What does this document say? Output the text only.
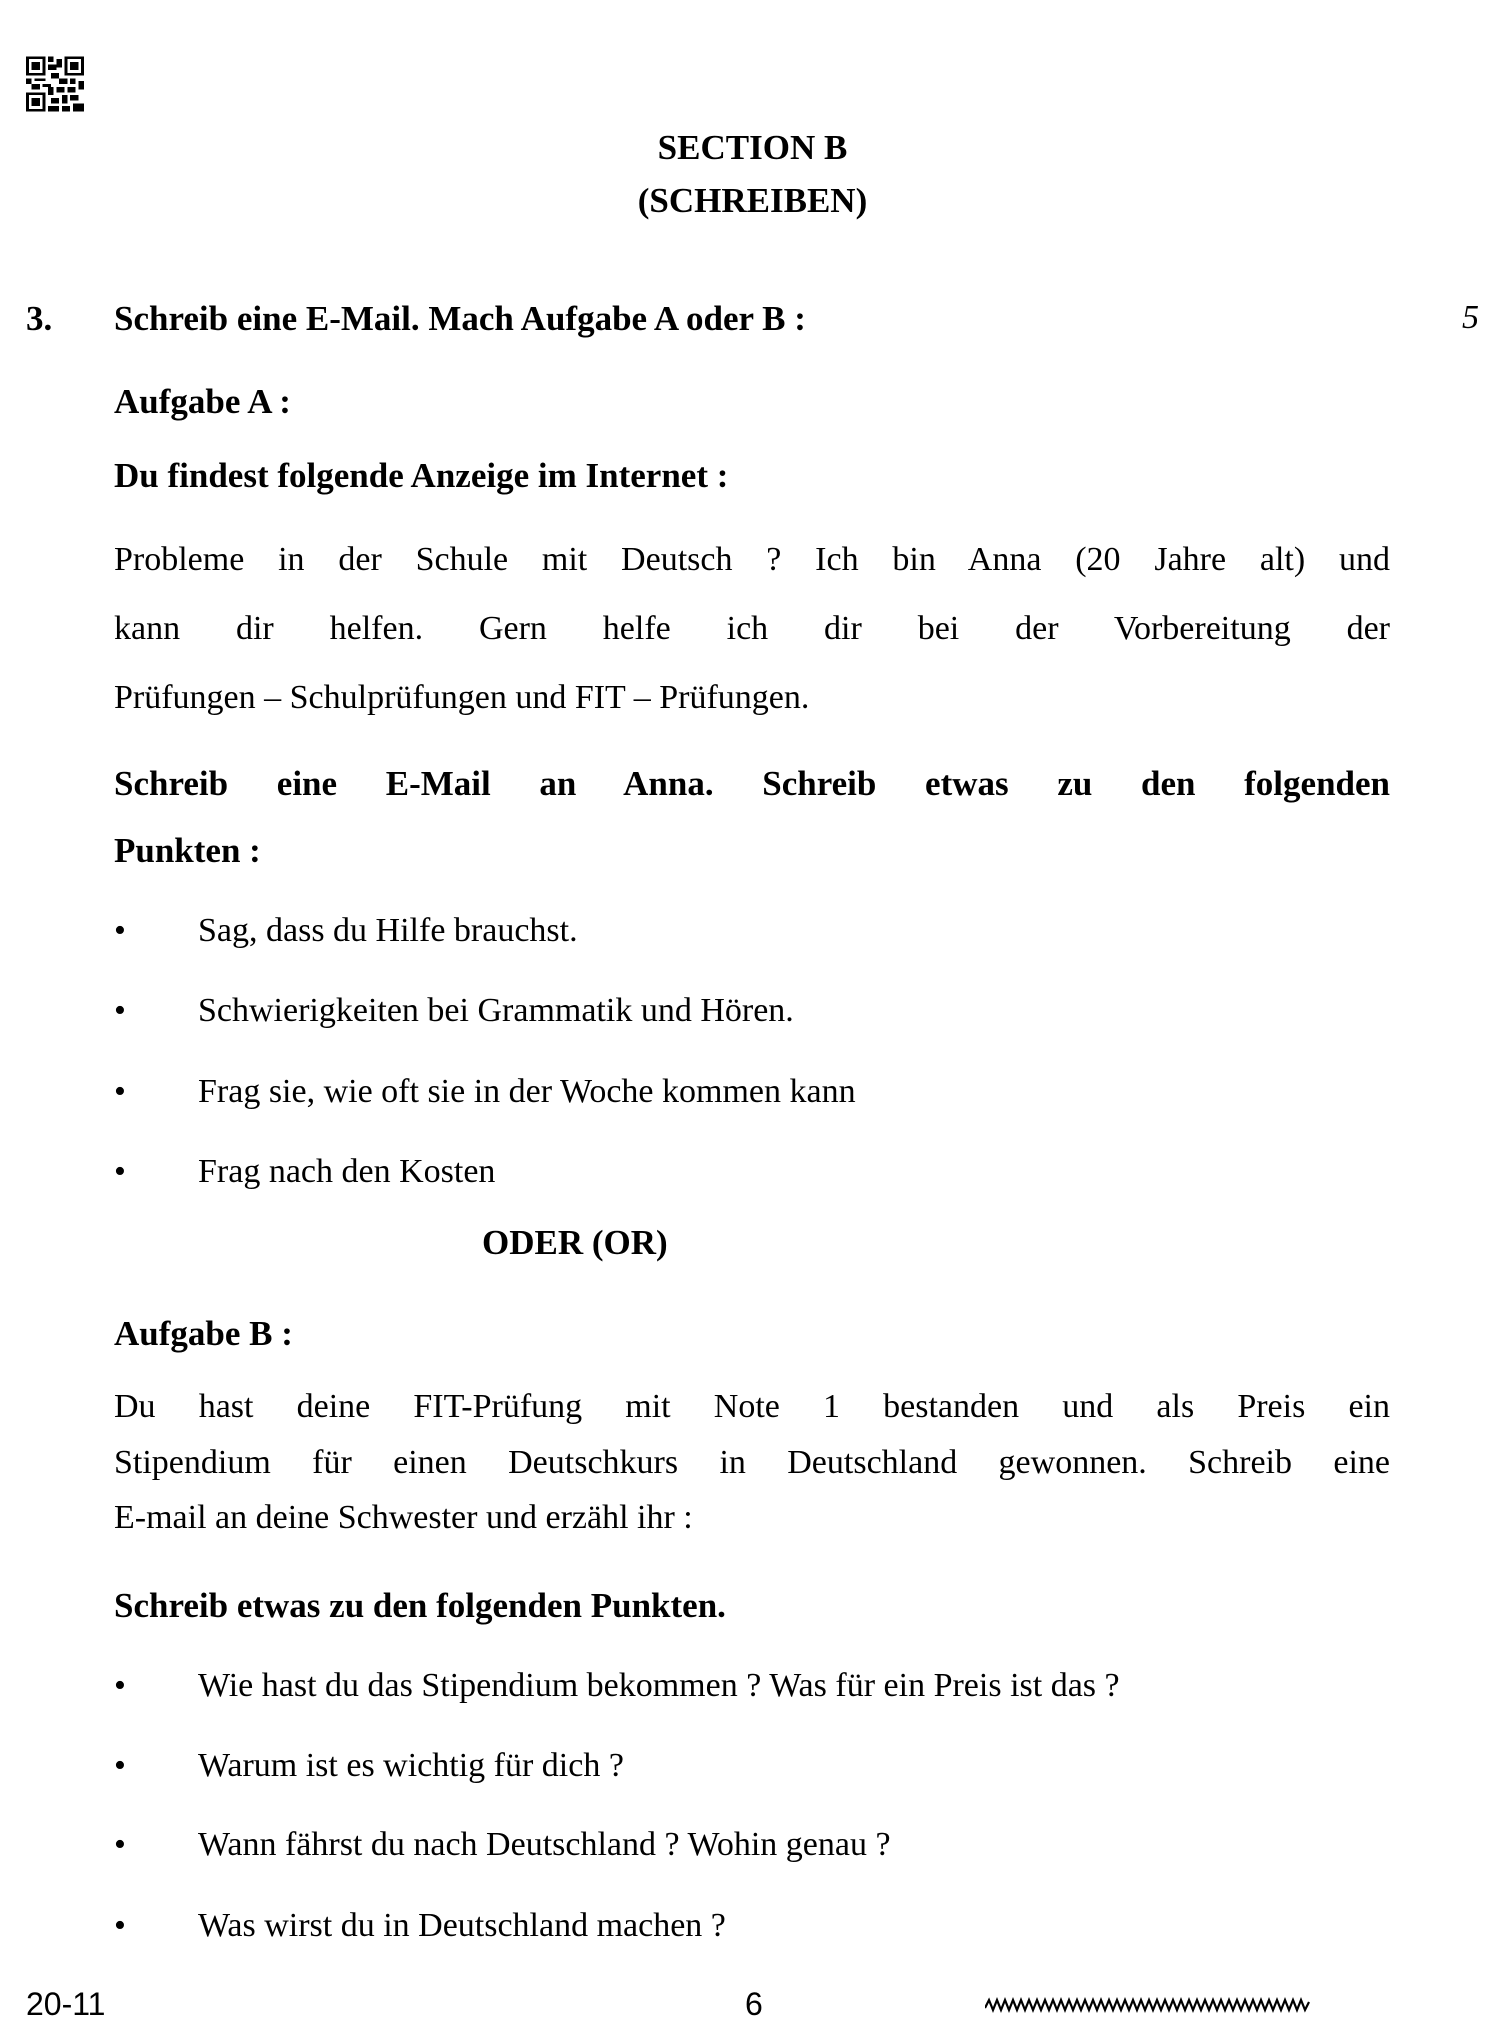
SECTION B
(SCHREIBEN)
3. Schreib eine E-Mail. Mach Aufgabe A oder B :	5
Aufgabe A :
Du findest folgende Anzeige im Internet :
Probleme in der Schule mit Deutsch ? Ich bin Anna (20 Jahre alt) und
kann dir helfen. Gern helfe ich dir bei der Vorbereitung der
Prüfungen – Schulprüfungen und FIT – Prüfungen.
Schreib eine E-Mail an Anna. Schreib etwas zu den folgenden
Punkten :
• Sag, dass du Hilfe brauchst.
• Schwierigkeiten bei Grammatik und Hören.
• Frag sie, wie oft sie in der Woche kommen kann
• Frag nach den Kosten
ODER (OR)
Aufgabe B :
Du hast deine FIT-Prüfung mit Note 1 bestanden und als Preis ein
Stipendium für einen Deutschkurs in Deutschland gewonnen. Schreib eine
E-mail an deine Schwester und erzähl ihr :
Schreib etwas zu den folgenden Punkten.
• Wie hast du das Stipendium bekommen ? Was für ein Preis ist das ?
• Warum ist es wichtig für dich ?
• Wann fährst du nach Deutschland ? Wohin genau ?
• Was wirst du in Deutschland machen ?
20-11	6
